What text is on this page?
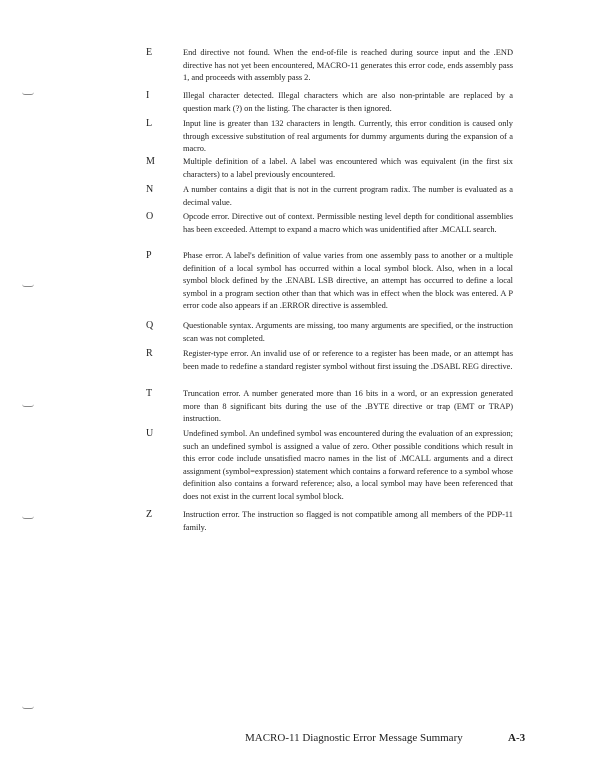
E	End directive not found. When the end-of-file is reached during source input and the .END directive has not yet been encountered, MACRO-11 generates this error code, ends assembly pass 1, and proceeds with assembly pass 2.
I	Illegal character detected. Illegal characters which are also non-printable are replaced by a question mark (?) on the listing. The character is then ignored.
L	Input line is greater than 132 characters in length. Currently, this error condition is caused only through excessive substitution of real arguments for dummy arguments during the expansion of a macro.
M	Multiple definition of a label. A label was encountered which was equivalent (in the first six characters) to a label previously encountered.
N	A number contains a digit that is not in the current program radix. The number is evaluated as a decimal value.
O	Opcode error. Directive out of context. Permissible nesting level depth for conditional assemblies has been exceeded. Attempt to expand a macro which was unidentified after .MCALL search.
P	Phase error. A label's definition of value varies from one assembly pass to another or a multiple definition of a local symbol has occurred within a local symbol block. Also, when in a local symbol block defined by the .ENABL LSB directive, an attempt has occurred to define a local symbol in a program section other than that which was in effect when the block was entered. A P error code also appears if an .ERROR directive is assembled.
Q	Questionable syntax. Arguments are missing, too many arguments are specified, or the instruction scan was not completed.
R	Register-type error. An invalid use of or reference to a register has been made, or an attempt has been made to redefine a standard register symbol without first issuing the .DSABL REG directive.
T	Truncation error. A number generated more than 16 bits in a word, or an expression generated more than 8 significant bits during the use of the .BYTE directive or trap (EMT or TRAP) instruction.
U	Undefined symbol. An undefined symbol was encountered during the evaluation of an expression; such an undefined symbol is assigned a value of zero. Other possible conditions which result in this error code include unsatisfied macro names in the list of .MCALL arguments and a direct assignment (symbol=expression) statement which contains a forward reference to a symbol whose definition also contains a forward reference; also, a local symbol may have been referenced that does not exist in the current local symbol block.
Z	Instruction error. The instruction so flagged is not compatible among all members of the PDP-11 family.
MACRO-11 Diagnostic Error Message Summary	A-3
